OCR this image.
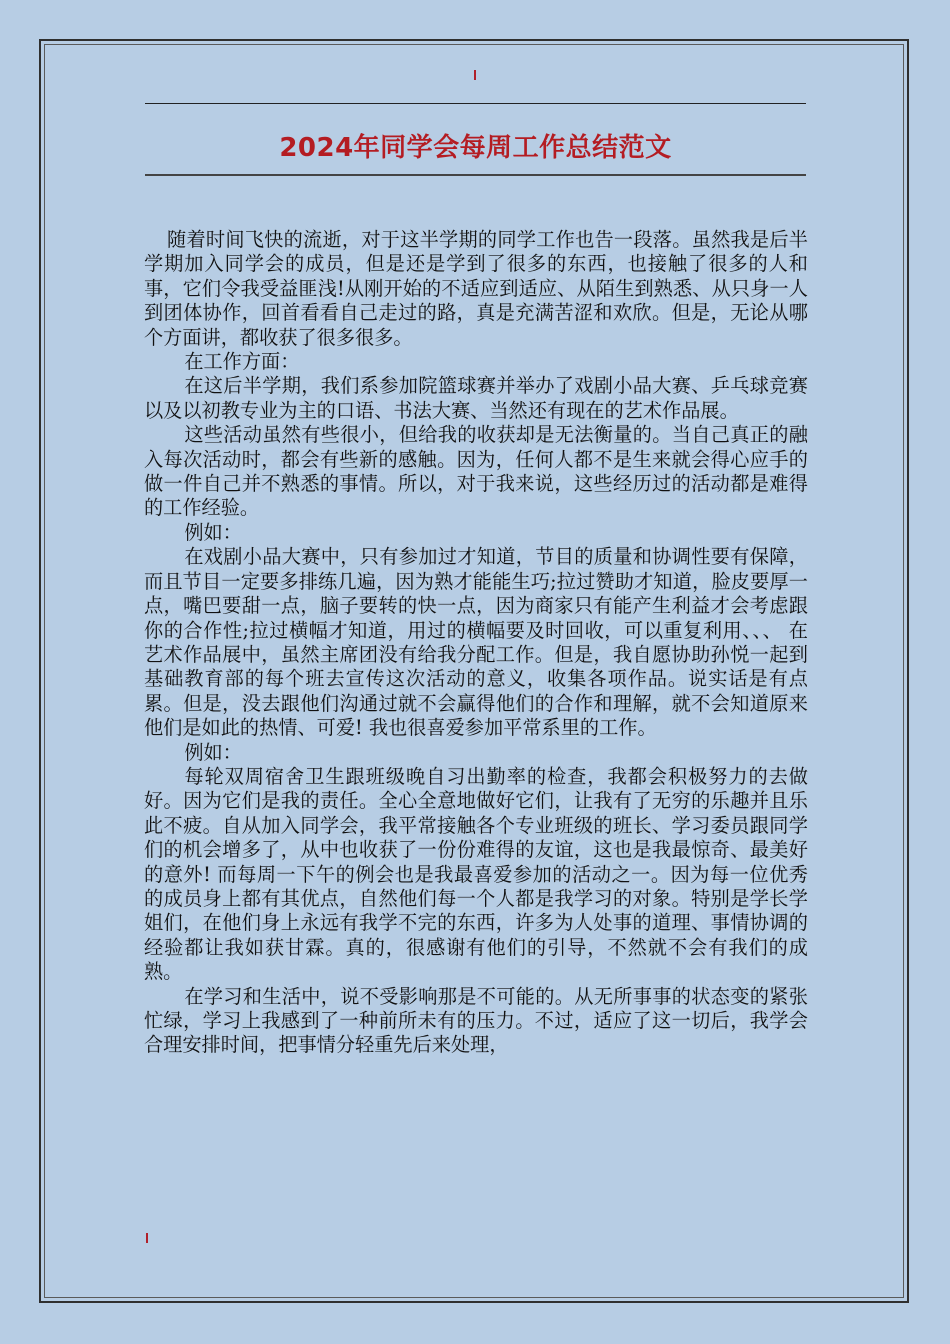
2024年同学会每周工作总结范文

随着时间飞快的流逝，对于这半学期的同学工作也告一段落。虽然我是后半学期加入同学会的成员，但是还是学到了很多的东西，也接触了很多的人和事，它们令我受益匪浅!从刚开始的不适应到适应、从陌生到熟悉、从只身一人到团体协作，回首看看自己走过的路，真是充满苦涩和欢欣。但是，无论从哪个方面讲，都收获了很多很多。

在工作方面：

在这后半学期，我们系参加院篮球赛并举办了戏剧小品大赛、乒乓球竞赛以及以初教专业为主的口语、书法大赛、当然还有现在的艺术作品展。

这些活动虽然有些很小，但给我的收获却是无法衡量的。当自己真正的融入每次活动时，都会有些新的感触。因为，任何人都不是生来就会得心应手的做一件自己并不熟悉的事情。所以，对于我来说，这些经历过的活动都是难得的工作经验。

例如：

在戏剧小品大赛中，只有参加过才知道，节目的质量和协调性要有保障，而且节目一定要多排练几遍，因为熟才能能生巧;拉过赞助才知道，脸皮要厚一点，嘴巴要甜一点，脑子要转的快一点，因为商家只有能产生利益才会考虑跟你的合作性;拉过横幅才知道，用过的横幅要及时回收，可以重复利用、、、 在艺术作品展中，虽然主席团没有给我分配工作。但是，我自愿协助孙悦一起到基础教育部的每个班去宣传这次活动的意义，收集各项作品。说实话是有点累。但是，没去跟他们沟通过就不会赢得他们的合作和理解，就不会知道原来他们是如此的热情、可爱! 我也很喜爱参加平常系里的工作。

例如：

每轮双周宿舍卫生跟班级晚自习出勤率的检查，我都会积极努力的去做好。因为它们是我的责任。全心全意地做好它们，让我有了无穷的乐趣并且乐此不疲。自从加入同学会，我平常接触各个专业班级的班长、学习委员跟同学们的机会增多了，从中也收获了一份份难得的友谊，这也是我最惊奇、最美好的意外! 而每周一下午的例会也是我最喜爱参加的活动之一。因为每一位优秀的成员身上都有其优点，自然他们每一个人都是我学习的对象。特别是学长学姐们，在他们身上永远有我学不完的东西，许多为人处事的道理、事情协调的经验都让我如获甘霖。真的，很感谢有他们的引导，不然就不会有我们的成熟。

在学习和生活中，说不受影响那是不可能的。从无所事事的状态变的紧张忙绿，学习上我感到了一种前所未有的压力。不过，适应了这一切后，我学会合理安排时间，把事情分轻重先后来处理，
